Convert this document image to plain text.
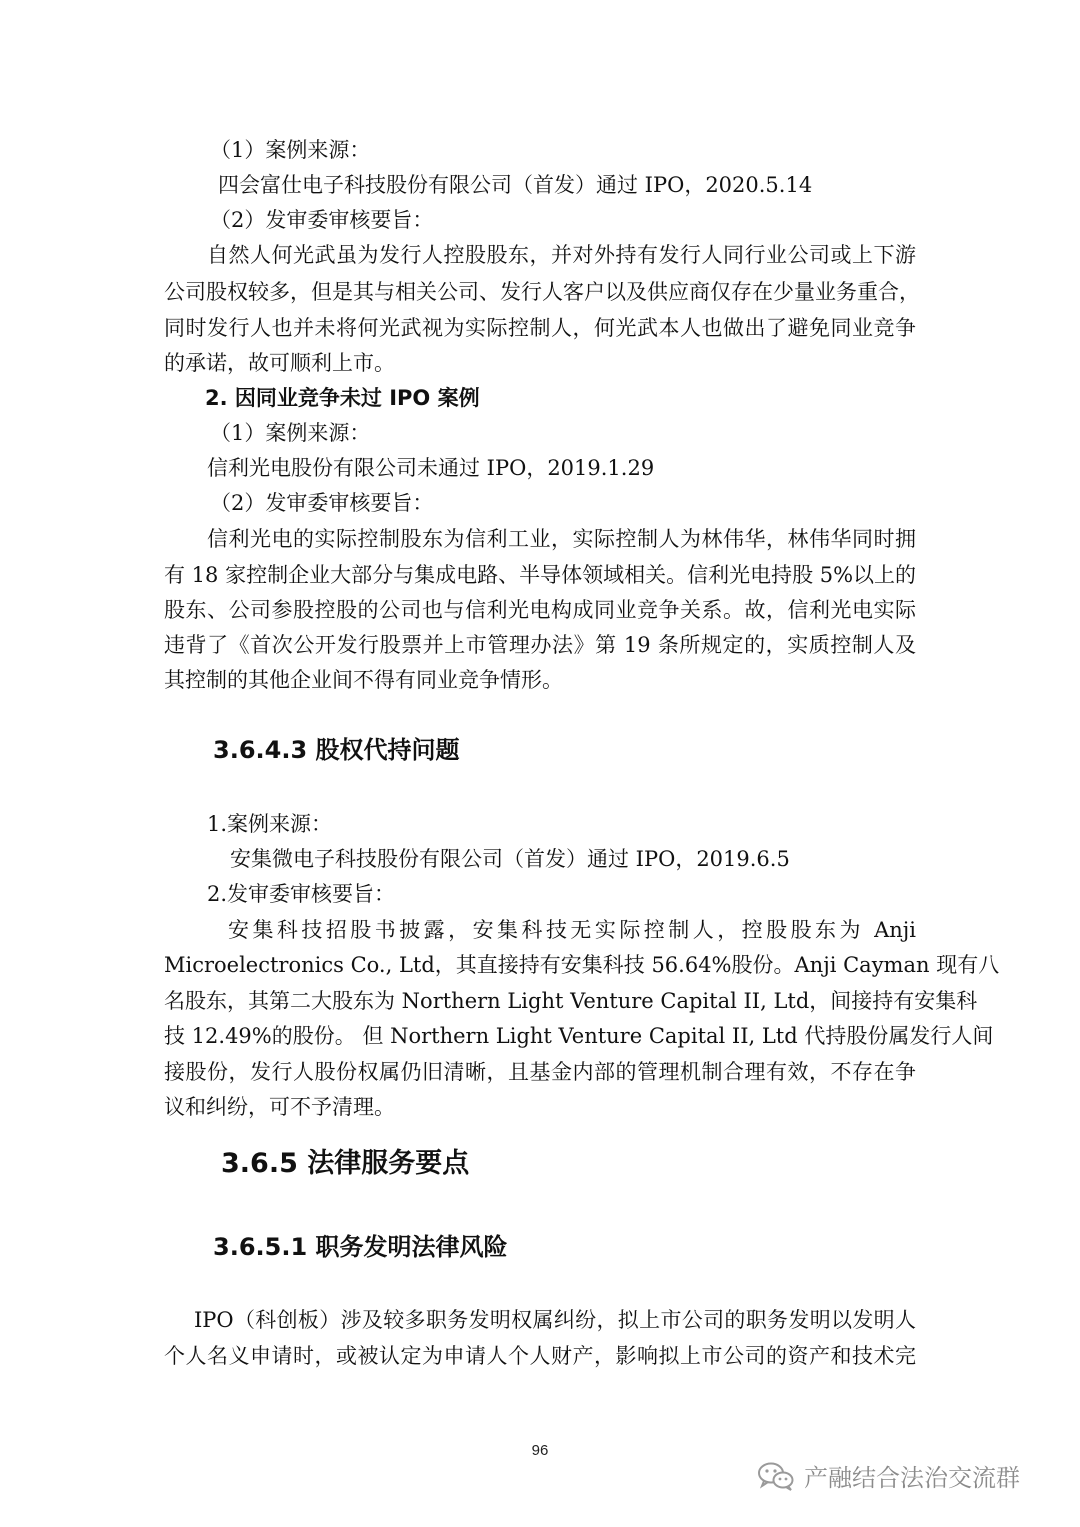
（1）案例来源：

四会富仕电子科技股份有限公司（首发）通过 IPO，2020.5.14

（2）发审委审核要旨：

自然人何光武虽为发行人控股股东，并对外持有发行人同行业公司或上下游

公司股权较多，但是其与相关公司、发行人客户以及供应商仅存在少量业务重合，

同时发行人也并未将何光武视为实际控制人，何光武本人也做出了避免同业竞争

的承诺，故可顺利上市。

2. 因同业竞争未过 IPO 案例

（1）案例来源：

信利光电股份有限公司未通过 IPO，2019.1.29

（2）发审委审核要旨：

信利光电的实际控制股东为信利工业，实际控制人为林伟华，林伟华同时拥

有 18 家控制企业大部分与集成电路、半导体领域相关。信利光电持股 5%以上的

股东、公司参股控股的公司也与信利光电构成同业竞争关系。故，信利光电实际

违背了《首次公开发行股票并上市管理办法》第 19 条所规定的，实质控制人及

其控制的其他企业间不得有同业竞争情形。

3.6.4.3 股权代持问题

1.案例来源：

安集微电子科技股份有限公司（首发）通过 IPO，2019.6.5

2.发审委审核要旨：

安集科技招股书披露，安集科技无实际控制人，控股股东为 Anji

Microelectronics Co., Ltd，其直接持有安集科技 56.64%股份。Anji Cayman 现有八

名股东，其第二大股东为 Northern Light Venture Capital II, Ltd，间接持有安集科

技 12.49%的股份。 但 Northern Light Venture Capital II, Ltd 代持股份属发行人间

接股份，发行人股份权属仍旧清晰，且基金内部的管理机制合理有效，不存在争

议和纠纷，可不予清理。

3.6.5 法律服务要点

3.6.5.1 职务发明法律风险

IPO（科创板）涉及较多职务发明权属纠纷，拟上市公司的职务发明以发明人

个人名义申请时，或被认定为申请人个人财产，影响拟上市公司的资产和技术完

96
产融结合法治交流群
